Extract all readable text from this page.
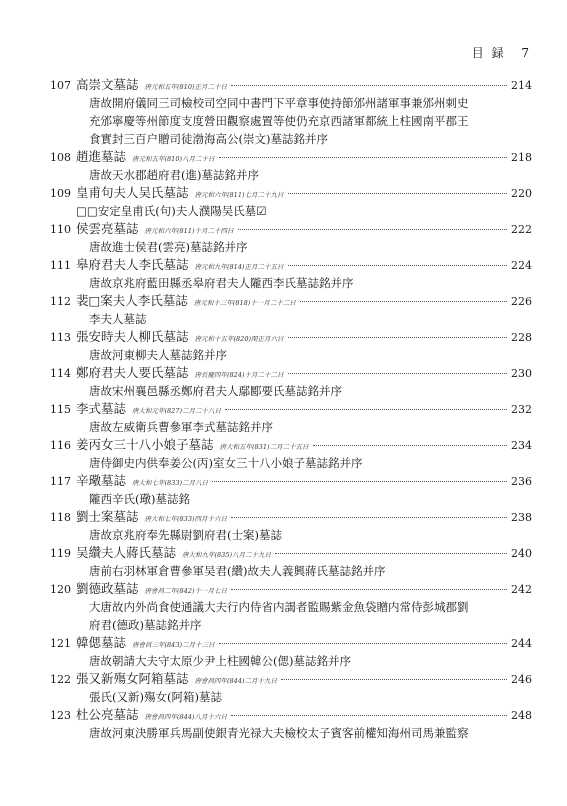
目 録 7
107 高崇文墓誌 唐元和五年(810)正月二十日	214
唐故開府儀同三司檢校司空同中書門下平章事使持節邠州諸軍事兼邠州刺史
充邠寧慶等州節度支度營田觀察處置等使仍充京西諸軍都統上柱國南平郡王
食實封三百户贈司徒渤海高公(崇文)墓誌銘并序
108 趙進墓誌 唐元和五年(810)八月二十日	218
唐故天水郡趙府君(進)墓誌銘并序
109 皇甫句夫人吴氏墓誌 唐元和六年(811)七月二十九日	220
□□安定皇甫氏(句)夫人濮陽吴氏墓☑
110 侯雲亮墓誌 唐元和六年(811)十月二十四日	222
唐故進士侯君(雲亮)墓誌銘并序
111 皋府君夫人李氏墓誌 唐元和九年(814)正月二十五日	224
唐故京兆府藍田縣丞皋府君夫人隴西李氏墓誌銘并序
112 裴□案夫人李氏墓誌 唐元和十三年(818)十一月二十二日	226
李夫人墓誌
113 張安時夫人柳氏墓誌 唐元和十五年(820)閏正月六日	228
唐故河東柳夫人墓誌銘并序
114 鄭府君夫人要氏墓誌 唐長慶四年(824)十月二十二日	230
唐故宋州襄邑縣丞鄭府君夫人鄢郾要氏墓誌銘并序
115 李式墓誌 唐大和元年(827)二月二十八日	232
唐故左威衛兵曹參軍李式墓誌銘并序
116 姜丙女三十八小娘子墓誌 唐大和五年(831)二月二十五日	234
唐侍御史内供奉姜公(丙)室女三十八小娘子墓誌銘并序
117 辛璥墓誌 唐大和七年(833)二月八日	236
隴西辛氏(璥)墓誌銘
118 劉士案墓誌 唐大和七年(833)四月十六日	238
唐故京兆府奉先縣尉劉府君(士案)墓誌
119 吴纘夫人蔣氏墓誌 唐大和九年(835)八月二十九日	240
唐前右羽林軍倉曹參軍吴君(纘)故夫人義興蔣氏墓誌銘并序
120 劉德政墓誌 唐會昌二年(842)十一月七日	242
大唐故内外尚食使通議大夫行内侍省内謁者監賜紫金魚袋贈内常侍彭城郡劉
府君(德政)墓誌銘并序
121 韓偲墓誌 唐會昌三年(843)二月十三日	244
唐故朝請大夫守太原少尹上柱國韓公(偲)墓誌銘并序
122 張又新殤女阿箱墓誌 唐會昌四年(844)二月十九日	246
張氏(又新)殤女(阿箱)墓誌
123 杜公亮墓誌 唐會昌四年(844)八月十六日	248
唐故河東決勝軍兵馬副使銀青光禄大夫檢校太子賓客前權知海州司馬兼監察
